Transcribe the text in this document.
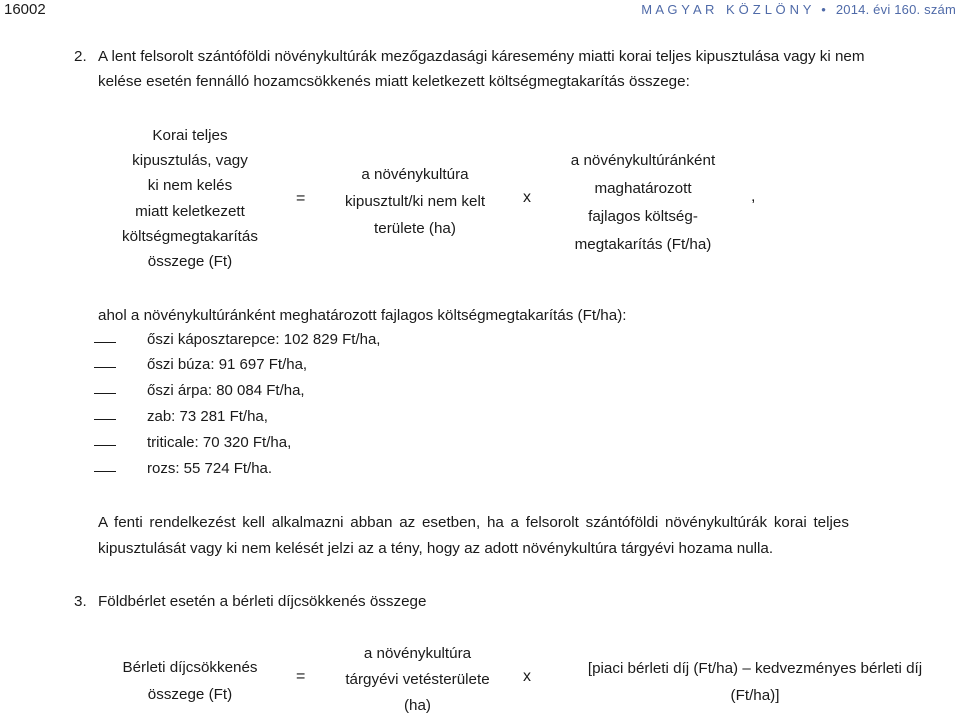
16002	M A G Y A R   K Ö Z L Ö N Y • 2014. évi 160. szám
2. A lent felsorolt szántóföldi növénykultúrák mezőgazdasági káresemény miatti korai teljes kipusztulása vagy ki nem
kelése esetén fennálló hozamcsökkenés miatt keletkezett költségmegtakarítás összege:
Korai teljes
kipusztulás, vagy
ki nem kelés
miatt keletkezett
költségmegtakarítás
összege (Ft)
=
a növénykultúra
kipusztult/ki nem kelt
területe (ha)
x
a növénykultúránként
maghatározott
fajlagos költség-
megtakarítás (Ft/ha)
,
ahol a növénykultúránként meghatározott fajlagos költségmegtakarítás (Ft/ha):
őszi káposztarepce: 102 829 Ft/ha,
őszi búza: 91 697 Ft/ha,
őszi árpa: 80 084 Ft/ha,
zab: 73 281 Ft/ha,
triticale: 70 320 Ft/ha,
rozs: 55 724 Ft/ha.
A fenti rendelkezést kell alkalmazni abban az esetben, ha a felsorolt szántóföldi növénykultúrák korai teljes
kipusztulását vagy ki nem kelését jelzi az a tény, hogy az adott növénykultúra tárgyévi hozama nulla.
3. Földbérlet esetén a bérleti díjcsökkenés összege
Bérleti díjcsökkenés
összege (Ft)
=
a növénykultúra
tárgyévi vetésterülete
(ha)
x	[piaci bérleti díj (Ft/ha) – kedvezményes bérleti díj
(Ft/ha)]
